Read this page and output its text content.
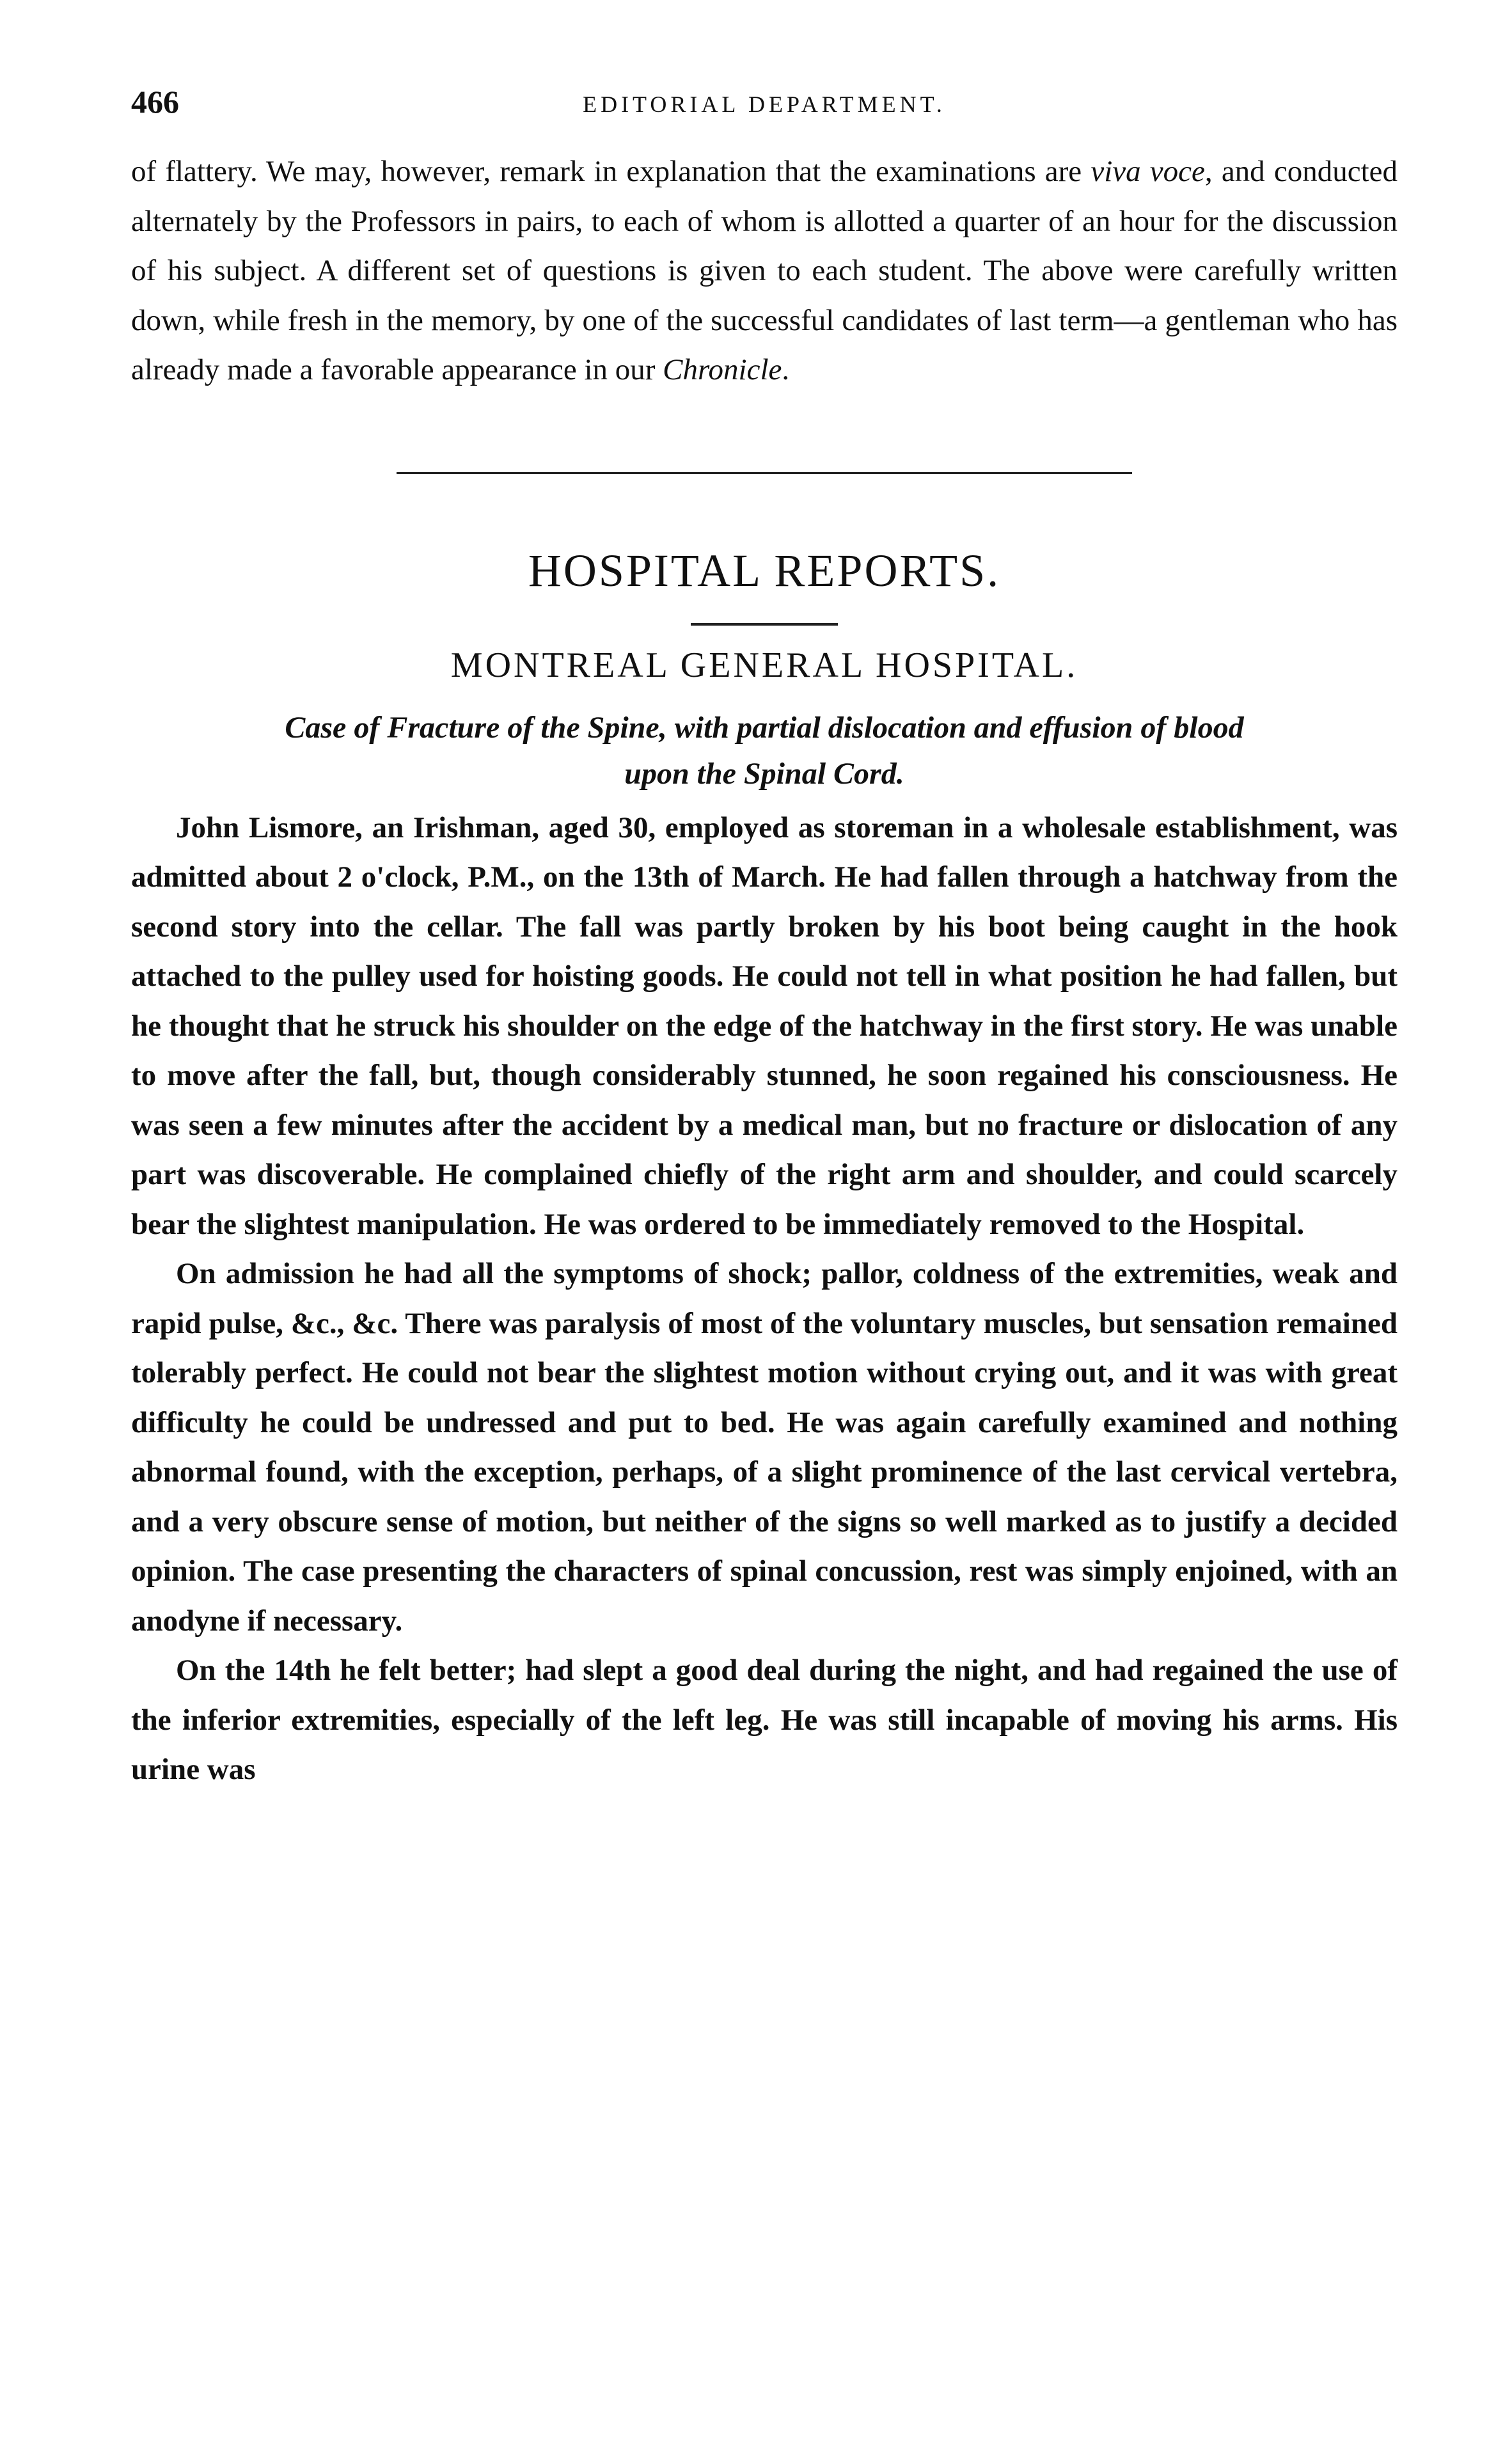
466	EDITORIAL DEPARTMENT.

of flattery. We may, however, remark in explanation that the examinations are viva voce, and conducted alternately by the Professors in pairs, to each of whom is allotted a quarter of an hour for the discussion of his subject. A different set of questions is given to each student. The above were carefully written down, while fresh in the memory, by one of the successful candidates of last term—a gentleman who has already made a favorable appearance in our Chronicle.

HOSPITAL REPORTS.
MONTREAL GENERAL HOSPITAL.
Case of Fracture of the Spine, with partial dislocation and effusion of blood
upon the Spinal Cord.

John Lismore, an Irishman, aged 30, employed as storeman in a wholesale establishment, was admitted about 2 o'clock, P.M., on the 13th of March. He had fallen through a hatchway from the second story into the cellar. The fall was partly broken by his boot being caught in the hook attached to the pulley used for hoisting goods. He could not tell in what position he had fallen, but he thought that he struck his shoulder on the edge of the hatchway in the first story. He was unable to move after the fall, but, though considerably stunned, he soon regained his consciousness. He was seen a few minutes after the accident by a medical man, but no fracture or dislocation of any part was discoverable. He complained chiefly of the right arm and shoulder, and could scarcely bear the slightest manipulation. He was ordered to be immediately removed to the Hospital.

On admission he had all the symptoms of shock; pallor, coldness of the extremities, weak and rapid pulse, &c., &c. There was paralysis of most of the voluntary muscles, but sensation remained tolerably perfect. He could not bear the slightest motion without crying out, and it was with great difficulty he could be undressed and put to bed. He was again carefully examined and nothing abnormal found, with the exception, perhaps, of a slight prominence of the last cervical vertebra, and a very obscure sense of motion, but neither of the signs so well marked as to justify a decided opinion. The case presenting the characters of spinal concussion, rest was simply enjoined, with an anodyne if necessary.

On the 14th he felt better; had slept a good deal during the night, and had regained the use of the inferior extremities, especially of the left leg. He was still incapable of moving his arms. His urine was
